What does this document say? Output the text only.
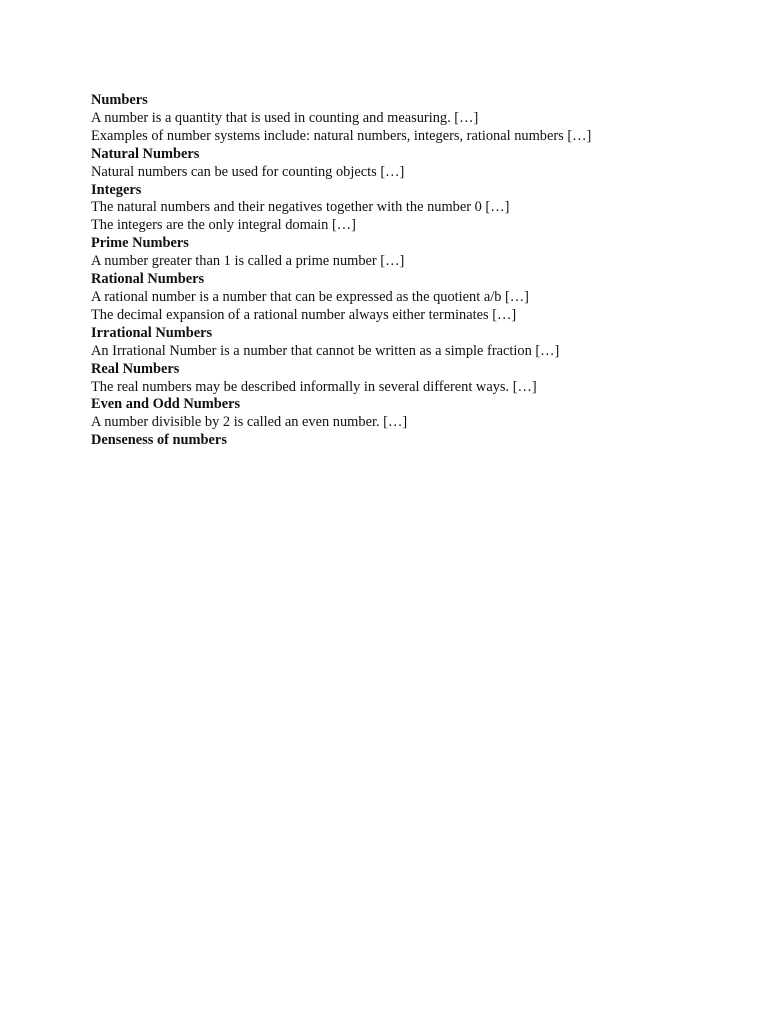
Numbers
A number is a quantity that is used in counting and measuring. […]
Examples of number systems include: natural numbers, integers, rational numbers […]
Natural Numbers
Natural numbers can be used for counting objects […]
Integers
The natural numbers and their negatives together with the number 0 […]
The integers are the only integral domain […]
Prime Numbers
A number greater than 1 is called a prime number […]
Rational Numbers
A rational number is a number that can be expressed as the quotient a/b […]
The decimal expansion of a rational number always either terminates […]
Irrational Numbers
An Irrational Number is a number that cannot be written as a simple fraction […]
Real Numbers
The real numbers may be described informally in several different ways. […]
Even and Odd Numbers
A number divisible by 2 is called an even number. […]
Denseness of numbers
